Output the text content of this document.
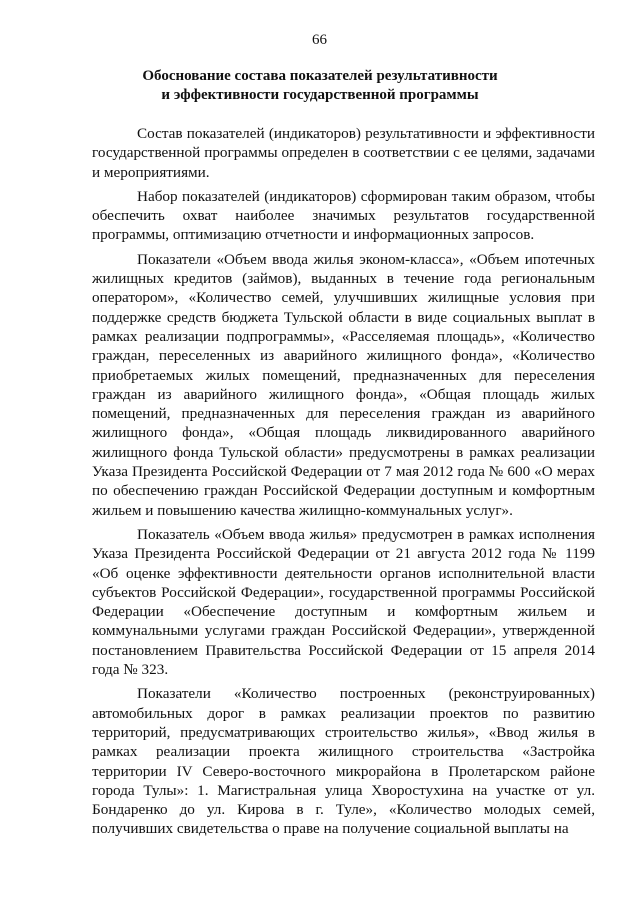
66
Обоснование состава показателей результативности
и эффективности государственной программы

Состав показателей (индикаторов) результативности и эффективности государственной программы определен в соответствии с ее целями, задачами и мероприятиями.

Набор показателей (индикаторов) сформирован таким образом, чтобы обеспечить охват наиболее значимых результатов государственной программы, оптимизацию отчетности и информационных запросов.

Показатели «Объем ввода жилья эконом-класса», «Объем ипотечных жилищных кредитов (займов), выданных в течение года региональным оператором», «Количество семей, улучшивших жилищные условия при поддержке средств бюджета Тульской области в виде социальных выплат в рамках реализации подпрограммы», «Расселяемая площадь», «Количество граждан, переселенных из аварийного жилищного фонда», «Количество приобретаемых жилых помещений, предназначенных для переселения граждан из аварийного жилищного фонда», «Общая площадь жилых помещений, предназначенных для переселения граждан из аварийного жилищного фонда», «Общая площадь ликвидированного аварийного жилищного фонда Тульской области» предусмотрены в рамках реализации Указа Президента Российской Федерации от 7 мая 2012 года № 600 «О мерах по обеспечению граждан Российской Федерации доступным и комфортным жильем и повышению качества жилищно-коммунальных услуг».

Показатель «Объем ввода жилья» предусмотрен в рамках исполнения Указа Президента Российской Федерации от 21 августа 2012 года № 1199 «Об оценке эффективности деятельности органов исполнительной власти субъектов Российской Федерации», государственной программы Российской Федерации «Обеспечение доступным и комфортным жильем и коммунальными услугами граждан Российской Федерации», утвержденной постановлением Правительства Российской Федерации от 15 апреля 2014 года № 323.

Показатели «Количество построенных (реконструированных) автомобильных дорог в рамках реализации проектов по развитию территорий, предусматривающих строительство жилья», «Ввод жилья в рамках реализации проекта жилищного строительства «Застройка территории IV Северо-восточного микрорайона в Пролетарском районе города Тулы»: 1. Магистральная улица Хворостухина на участке от ул. Бондаренко до ул. Кирова в г. Туле», «Количество молодых семей, получивших свидетельства о праве на получение социальной выплаты на
